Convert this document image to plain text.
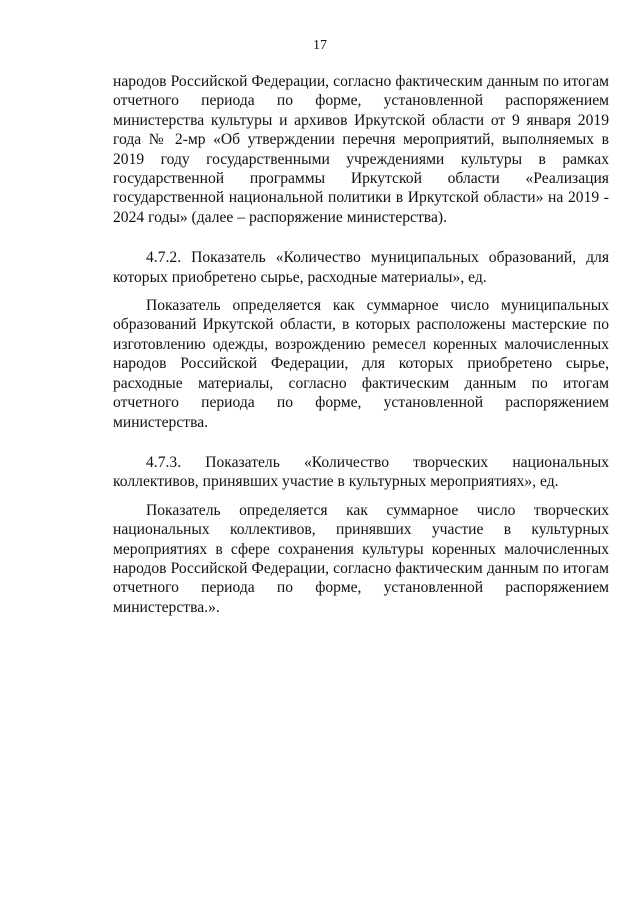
17

народов Российской Федерации, согласно фактическим данным по итогам отчетного периода по форме, установленной распоряжением министерства культуры и архивов Иркутской области от 9 января 2019 года № 2-мр «Об утверждении перечня мероприятий, выполняемых в 2019 году государственными учреждениями культуры в рамках государственной программы Иркутской области «Реализация государственной национальной политики в Иркутской области» на 2019 - 2024 годы» (далее – распоряжение министерства).

4.7.2. Показатель «Количество муниципальных образований, для которых приобретено сырье, расходные материалы», ед.

Показатель определяется как суммарное число муниципальных образований Иркутской области, в которых расположены мастерские по изготовлению одежды, возрождению ремесел коренных малочисленных народов Российской Федерации, для которых приобретено сырье, расходные материалы, согласно фактическим данным по итогам отчетного периода по форме, установленной распоряжением министерства.

4.7.3. Показатель «Количество творческих национальных коллективов, принявших участие в культурных мероприятиях», ед.

Показатель определяется как суммарное число творческих национальных коллективов, принявших участие в культурных мероприятиях в сфере сохранения культуры коренных малочисленных народов Российской Федерации, согласно фактическим данным по итогам отчетного периода по форме, установленной распоряжением министерства.».
